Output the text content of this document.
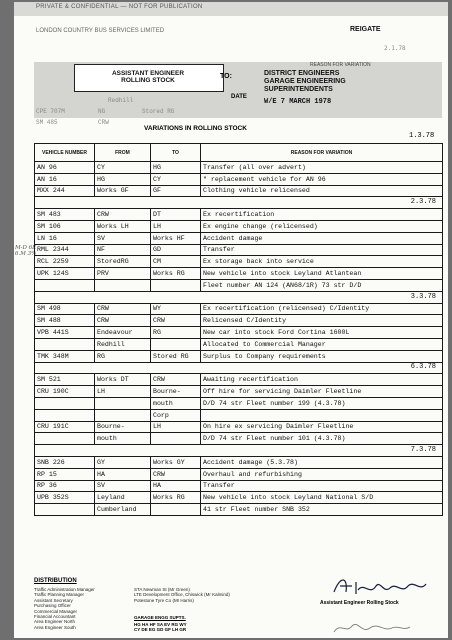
PRIVATE & CONFIDENTIAL — NOT FOR PUBLICATION
LONDON COUNTRY BUS SERVICES LIMITED	REIGATE
2.1.78
ASSISTANT ENGINEER
ROLLING STOCK
REASON FOR VARIATION
TO:
DATE
DISTRICT ENGINEERS
GARAGE ENGINEERING
SUPERINTENDENTS
W/E 7 MARCH 1978
CPE 707M
SM 485
Redhill
NG
CRW
Stored RG
VARIATIONS IN ROLLING STOCK
1.3.78
M-D 6E
6.M 3%
VEHICLE NUMBER	FROM	TO	REASON FOR VARIATION
AN 96	CY	HG	Transfer (all over advert)
AN 16	HG	CY	" replacement vehicle for AN 96
MXX 244	Works GF	GF	Clothing vehicle relicensed
2.3.78			
SM 483	CRW	DT	Ex recertification
SM 106	Works LH	LH	Ex engine change (relicensed)
LN 16	SV	Works HF	Accident damage
RML 2344	NF	GD	Transfer
RCL 2259	StoredRG	CM	Ex storage back into service
UPK 124S	PRV	Works RG	New vehicle into stock Leyland Atlantean
			Fleet number AN 124 (AN68/1R) 73 str D/D
3.3.78			
SM 498	CRW	WY	Ex recertification (relicensed) C/Identity
SM 488	CRW	CRW	Relicensed C/Identity
VPB 441S	Endeavour	RG	New car into stock Ford Cortina 1600L
	Redhill		Allocated to Commercial Manager
TMK 348M	RG	Stored RG	Surplus to Company requirements
6.3.78			
SM 521	Works DT	CRW	Awaiting recertification
CRU 190C	LH	Bourne-	Off hire for servicing Daimler Fleetline
		mouth	D/D 74 str Fleet number 199 (4.3.78)
		Corp	
CRU 191C	Bourne-	LH	On hire ex servicing Daimler Fleetline
	mouth		D/D 74 str Fleet number 101 (4.3.78)
7.3.78			
SNB 226	GY	Works GY	Accident damage (5.3.78)
RP 15	HA	CRW	Overhaul and refurbishing
RP 36	SV	HA	Transfer
UPB 352S	Leyland	Works RG	New vehicle into stock Leyland National S/D
	Cumberland		41 str Fleet number SNB 352
DISTRIBUTION
Traffic Administration Manager
Traffic Planning Manager
Assistant Secretary
Purchasing Officer
Commercial Manager
Financial Accountant
Area Engineer North
Area Engineer South
STA Newman St (Mr Green)
LTE Development Office, Chiswick (Mr Kalmind)
Potestone Tyre Co (Mr Harris)
GARAGE ENGG SUPTS.
HG HA HF SA EV RG WY
CY DE EG GD GF LH GR
Assistant Engineer Rolling Stock
